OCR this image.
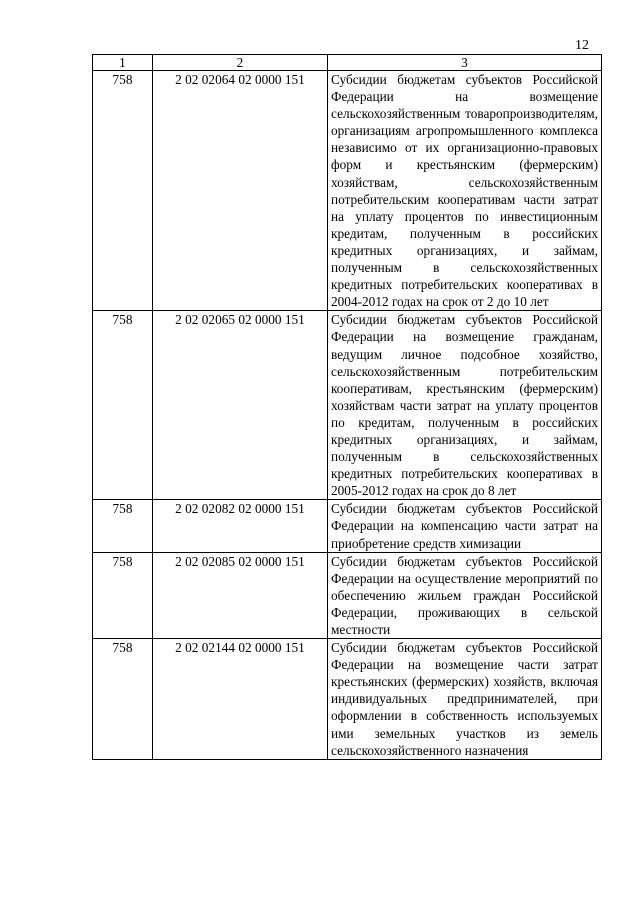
12
1	2	3
758	2 02 02064 02 0000 151	Субсидии бюджетам субъектов Российской Федерации на возмещение сельскохозяйственным товаропроизводителям, организациям агропромышленного комплекса независимо от их организационно-правовых форм и крестьянским (фермерским) хозяйствам, сельскохозяйственным потребительским кооперативам части затрат на уплату процентов по инвестиционным кредитам, полученным в российских кредитных организациях, и займам, полученным в сельскохозяйственных кредитных потребительских кооперативах в 2004-2012 годах на срок от 2 до 10 лет
758	2 02 02065 02 0000 151	Субсидии бюджетам субъектов Российской Федерации на возмещение гражданам, ведущим личное подсобное хозяйство, сельскохозяйственным потребительским кооперативам, крестьянским (фермерским) хозяйствам части затрат на уплату процентов по кредитам, полученным в российских кредитных организациях, и займам, полученным в сельскохозяйственных кредитных потребительских кооперативах в 2005-2012 годах на срок до 8 лет
758	2 02 02082 02 0000 151	Субсидии бюджетам субъектов Российской Федерации на компенсацию части затрат на приобретение средств химизации
758	2 02 02085 02 0000 151	Субсидии бюджетам субъектов Российской Федерации на осуществление мероприятий по обеспечению жильем граждан Российской Федерации, проживающих в сельской местности
758	2 02 02144 02 0000 151	Субсидии бюджетам субъектов Российской Федерации на возмещение части затрат крестьянских (фермерских) хозяйств, включая индивидуальных предпринимателей, при оформлении в собственность используемых ими земельных участков из земель сельскохозяйственного назначения
